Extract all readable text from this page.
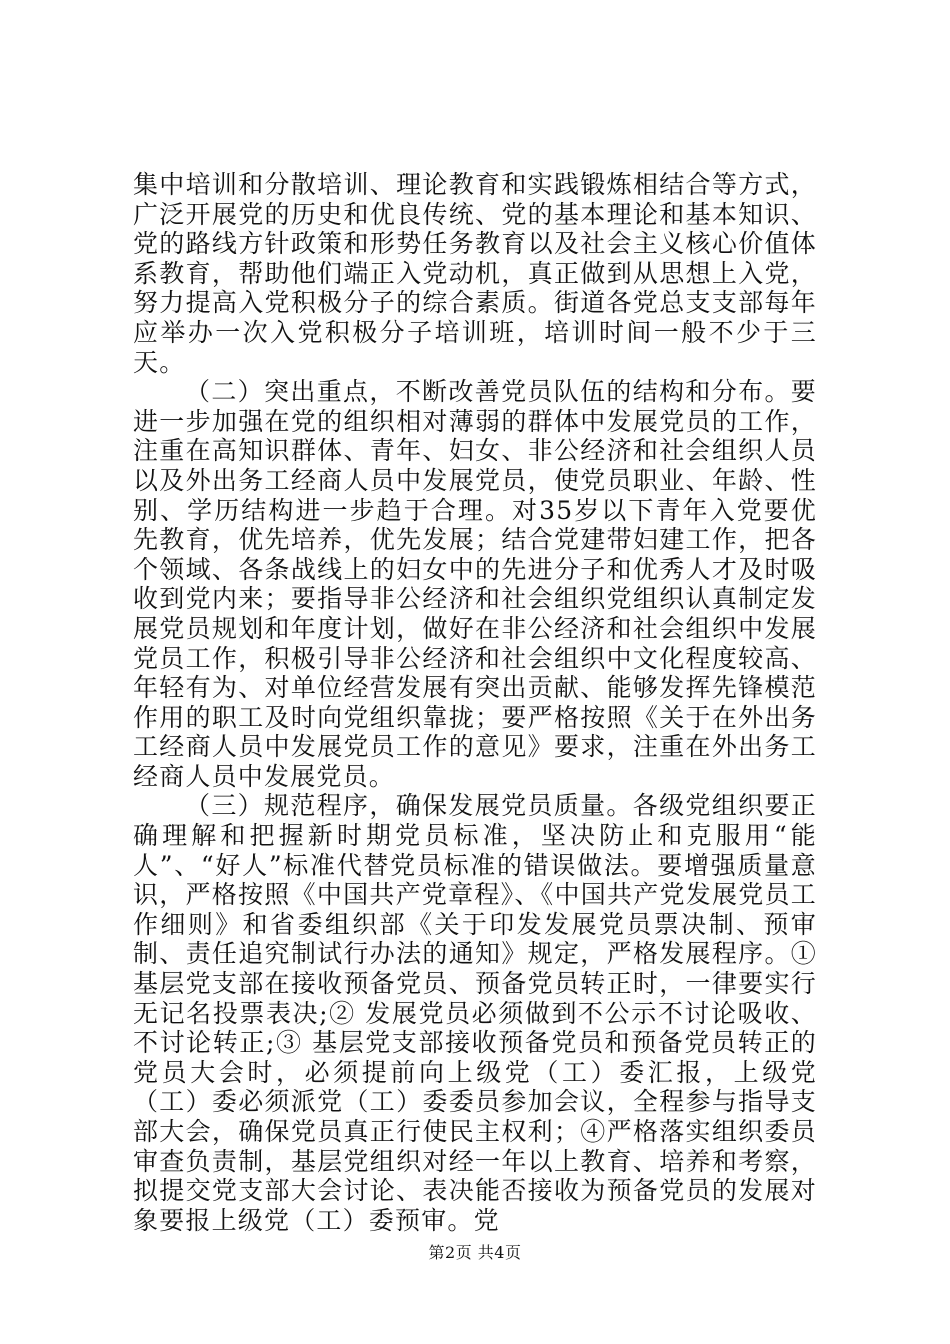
集中培训和分散培训、理论教育和实践锻炼相结合等方式，广泛开展党的历史和优良传统、党的基本理论和基本知识、党的路线方针政策和形势任务教育以及社会主义核心价值体系教育，帮助他们端正入党动机，真正做到从思想上入党，努力提高入党积极分子的综合素质。街道各党总支支部每年应举办一次入党积极分子培训班，培训时间一般不少于三天。

（二）突出重点，不断改善党员队伍的结构和分布。要进一步加强在党的组织相对薄弱的群体中发展党员的工作，注重在高知识群体、青年、妇女、非公经济和社会组织人员以及外出务工经商人员中发展党员，使党员职业、年龄、性别、学历结构进一步趋于合理。对35岁以下青年入党要优先教育，优先培养，优先发展；结合党建带妇建工作，把各个领域、各条战线上的妇女中的先进分子和优秀人才及时吸收到党内来；要指导非公经济和社会组织党组织认真制定发展党员规划和年度计划，做好在非公经济和社会组织中发展党员工作，积极引导非公经济和社会组织中文化程度较高、年轻有为、对单位经营发展有突出贡献、能够发挥先锋模范作用的职工及时向党组织靠拢；要严格按照《关于在外出务工经商人员中发展党员工作的意见》要求，注重在外出务工经商人员中发展党员。

（三）规范程序，确保发展党员质量。各级党组织要正确理解和把握新时期党员标准，坚决防止和克服用“能人”、“好人”标准代替党员标准的错误做法。要增强质量意识，严格按照《中国共产党章程》、《中国共产党发展党员工作细则》和省委组织部《关于印发发展党员票决制、预审制、责任追究制试行办法的通知》规定，严格发展程序。①基层党支部在接收预备党员、预备党员转正时，一律要实行无记名投票表决;② 发展党员必须做到不公示不讨论吸收、不讨论转正;③ 基层党支部接收预备党员和预备党员转正的党员大会时，必须提前向上级党（工）委汇报，上级党（工）委必须派党（工）委委员参加会议，全程参与指导支部大会，确保党员真正行使民主权利；④严格落实组织委员审查负责制，基层党组织对经一年以上教育、培养和考察，拟提交党支部大会讨论、表决能否接收为预备党员的发展对象要报上级党（工）委预审。党

第2页 共4页
